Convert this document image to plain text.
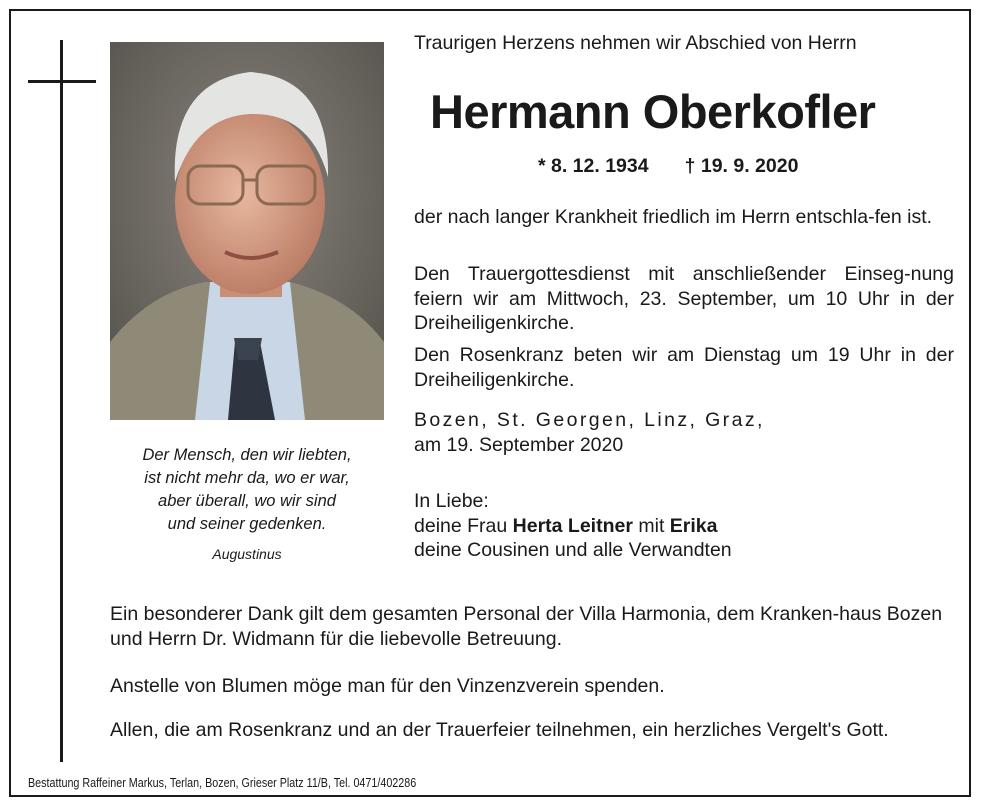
Der Mensch, den wir liebten,
ist nicht mehr da, wo er war,
aber überall, wo wir sind
und seiner gedenken.
Augustinus
Traurigen Herzens nehmen wir Abschied von Herrn
Hermann Oberkofler
* 8. 12. 1934 † 19. 9. 2020
der nach langer Krankheit friedlich im Herrn entschla-fen ist.
Den Trauergottesdienst mit anschließender Einseg-nung feiern wir am Mittwoch, 23. September, um 10 Uhr in der Dreiheiligenkirche.
Den Rosenkranz beten wir am Dienstag um 19 Uhr in der Dreiheiligenkirche.
Bozen, St. Georgen, Linz, Graz,
am 19. September 2020
In Liebe:
deine Frau Herta Leitner mit Erika
deine Cousinen und alle Verwandten
Ein besonderer Dank gilt dem gesamten Personal der Villa Harmonia, dem Kranken-haus Bozen und Herrn Dr. Widmann für die liebevolle Betreuung.
Anstelle von Blumen möge man für den Vinzenzverein spenden.
Allen, die am Rosenkranz und an der Trauerfeier teilnehmen, ein herzliches Vergelt's Gott.
Bestattung Raffeiner Markus, Terlan, Bozen, Grieser Platz 11/B, Tel. 0471/402286
